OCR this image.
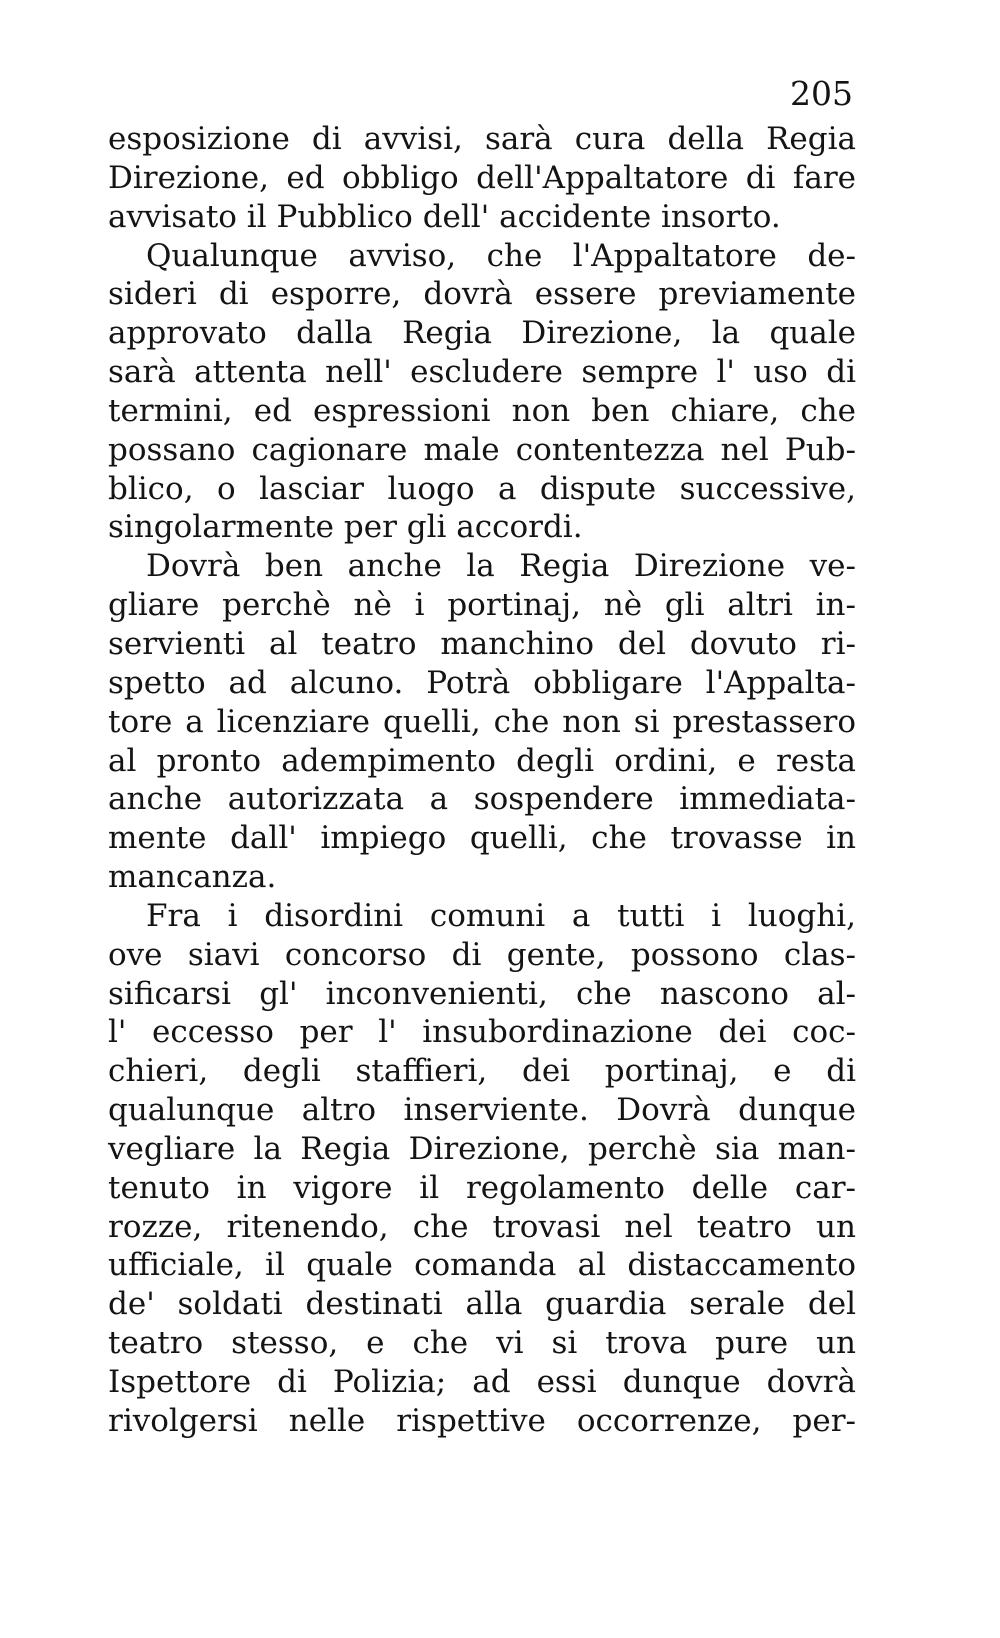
205
esposizione di avvisi, sarà cura della Regia
Direzione, ed obbligo dell'Appaltatore di fare
avvisato il Pubblico dell' accidente insorto.
Qualunque avviso, che l'Appaltatore de-
sideri di esporre, dovrà essere previamente
approvato dalla Regia Direzione, la quale
sarà attenta nell' escludere sempre l' uso di
termini, ed espressioni non ben chiare, che
possano cagionare male contentezza nel Pub-
blico, o lasciar luogo a dispute successive,
singolarmente per gli accordi.
Dovrà ben anche la Regia Direzione ve-
gliare perchè nè i portinaj, nè gli altri in-
servienti al teatro manchino del dovuto ri-
spetto ad alcuno. Potrà obbligare l'Appalta-
tore a licenziare quelli, che non si prestassero
al pronto adempimento degli ordini, e resta
anche autorizzata a sospendere immediata-
mente dall' impiego quelli, che trovasse in
mancanza.
Fra i disordini comuni a tutti i luoghi,
ove siavi concorso di gente, possono clas-
sificarsi gl' inconvenienti, che nascono al-
l' eccesso per l' insubordinazione dei coc-
chieri, degli staffieri, dei portinaj, e di
qualunque altro inserviente. Dovrà dunque
vegliare la Regia Direzione, perchè sia man-
tenuto in vigore il regolamento delle car-
rozze, ritenendo, che trovasi nel teatro un
ufficiale, il quale comanda al distaccamento
de' soldati destinati alla guardia serale del
teatro stesso, e che vi si trova pure un
Ispettore di Polizia; ad essi dunque dovrà
rivolgersi nelle rispettive occorrenze, per-
